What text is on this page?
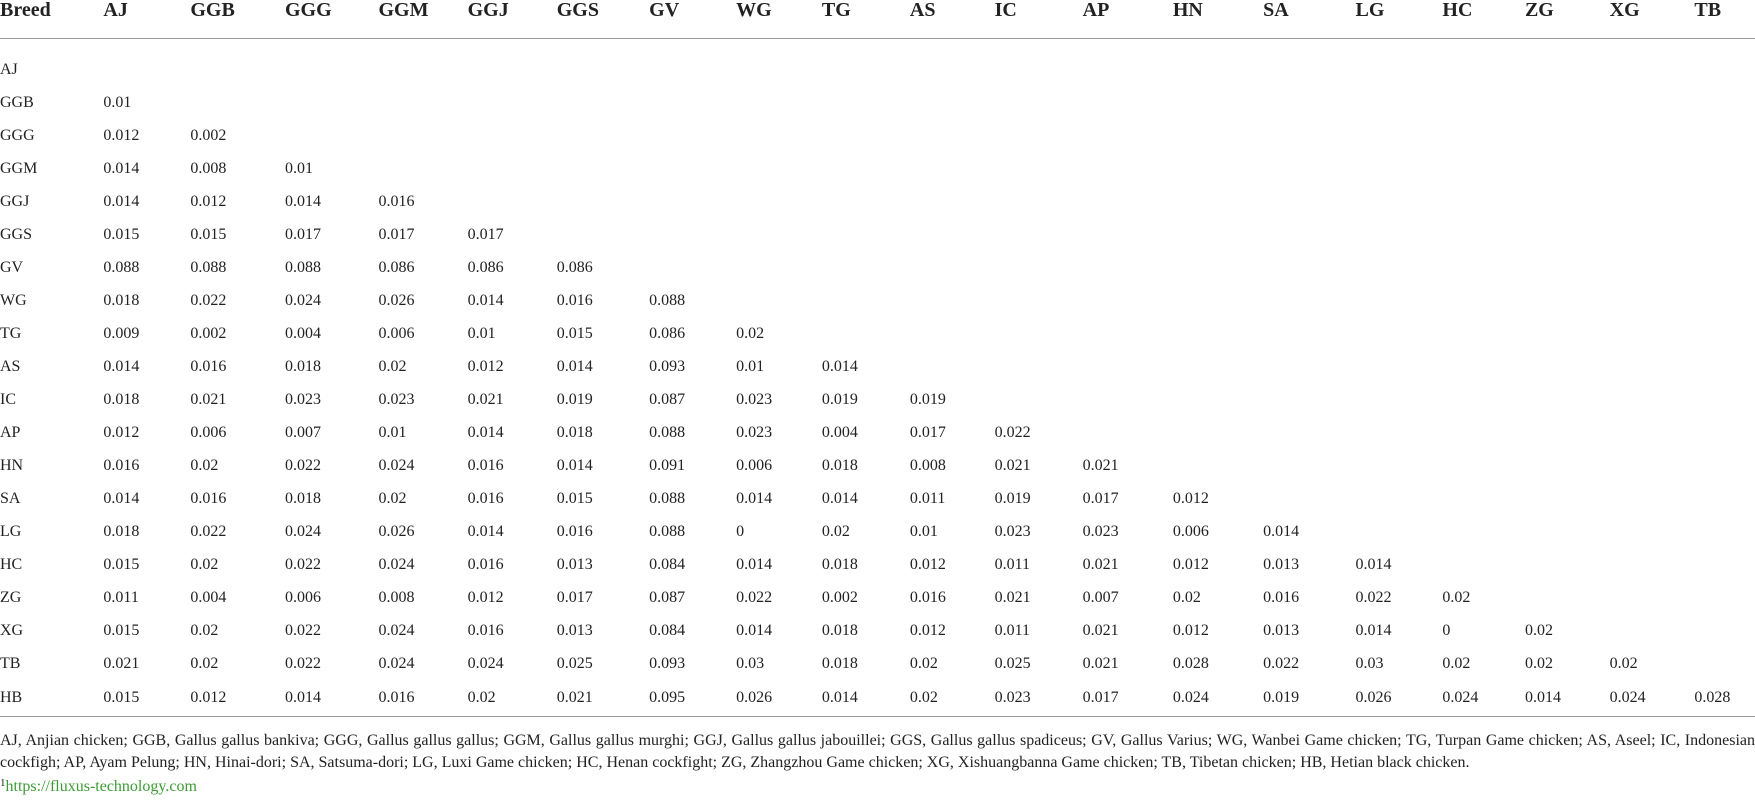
Breed	AJ	GGB	GGG	GGM	GGJ	GGS	GV	WG	TG	AS	IC	AP	HN	SA	LG	HC	ZG	XG	TB
AJ																			
GGB	0.01																		
GGG	0.012	0.002																	
GGM	0.014	0.008	0.01																
GGJ	0.014	0.012	0.014	0.016															
GGS	0.015	0.015	0.017	0.017	0.017														
GV	0.088	0.088	0.088	0.086	0.086	0.086													
WG	0.018	0.022	0.024	0.026	0.014	0.016	0.088												
TG	0.009	0.002	0.004	0.006	0.01	0.015	0.086	0.02											
AS	0.014	0.016	0.018	0.02	0.012	0.014	0.093	0.01	0.014										
IC	0.018	0.021	0.023	0.023	0.021	0.019	0.087	0.023	0.019	0.019									
AP	0.012	0.006	0.007	0.01	0.014	0.018	0.088	0.023	0.004	0.017	0.022								
HN	0.016	0.02	0.022	0.024	0.016	0.014	0.091	0.006	0.018	0.008	0.021	0.021							
SA	0.014	0.016	0.018	0.02	0.016	0.015	0.088	0.014	0.014	0.011	0.019	0.017	0.012						
LG	0.018	0.022	0.024	0.026	0.014	0.016	0.088	0	0.02	0.01	0.023	0.023	0.006	0.014					
HC	0.015	0.02	0.022	0.024	0.016	0.013	0.084	0.014	0.018	0.012	0.011	0.021	0.012	0.013	0.014				
ZG	0.011	0.004	0.006	0.008	0.012	0.017	0.087	0.022	0.002	0.016	0.021	0.007	0.02	0.016	0.022	0.02			
XG	0.015	0.02	0.022	0.024	0.016	0.013	0.084	0.014	0.018	0.012	0.011	0.021	0.012	0.013	0.014	0	0.02		
TB	0.021	0.02	0.022	0.024	0.024	0.025	0.093	0.03	0.018	0.02	0.025	0.021	0.028	0.022	0.03	0.02	0.02	0.02	
HB	0.015	0.012	0.014	0.016	0.02	0.021	0.095	0.026	0.014	0.02	0.023	0.017	0.024	0.019	0.026	0.024	0.014	0.024	0.028
AJ, Anjian chicken; GGB, Gallus gallus bankiva; GGG, Gallus gallus gallus; GGM, Gallus gallus murghi; GGJ, Gallus gallus jabouillei; GGS, Gallus gallus spadiceus; GV, Gallus Varius; WG, Wanbei Game chicken; TG, Turpan Game chicken; AS, Aseel; IC, Indonesian cockfigh; AP, Ayam Pelung; HN, Hinai-dori; SA, Satsuma-dori; LG, Luxi Game chicken; HC, Henan cockfight; ZG, Zhangzhou Game chicken; XG, Xishuangbanna Game chicken; TB, Tibetan chicken; HB, Hetian black chicken.
$^1$https://fluxus-technology.com
